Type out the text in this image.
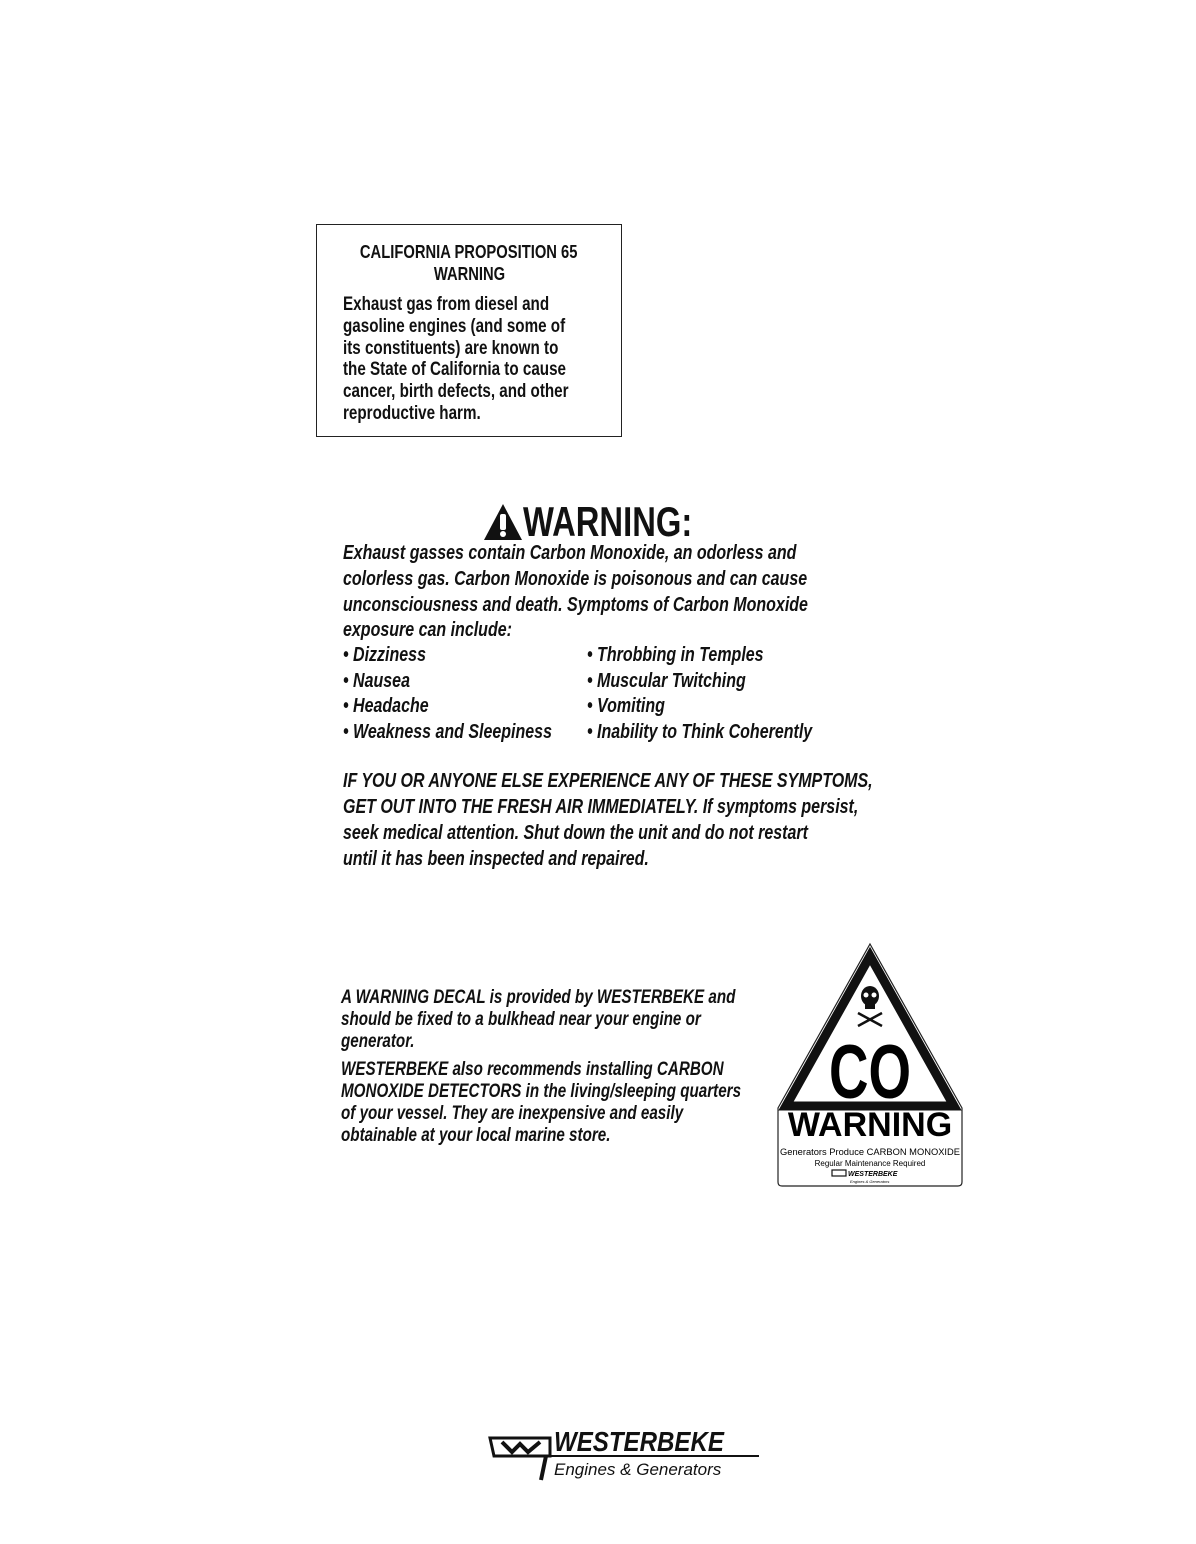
CALIFORNIA PROPOSITION 65
WARNING
Exhaust gas from diesel and
gasoline engines (and some of
its constituents) are known to
the State of California to cause
cancer, birth defects, and other
reproductive harm.
WARNING:
Exhaust gasses contain Carbon Monoxide, an odorless and
colorless gas. Carbon Monoxide is poisonous and can cause
unconsciousness and death. Symptoms of Carbon Monoxide
exposure can include:
• Dizziness
• Nausea
• Headache
• Weakness and Sleepiness
• Throbbing in Temples
• Muscular Twitching
• Vomiting
• Inability to Think Coherently
IF YOU OR ANYONE ELSE EXPERIENCE ANY OF THESE SYMPTOMS,
GET OUT INTO THE FRESH AIR IMMEDIATELY. If symptoms persist,
seek medical attention. Shut down the unit and do not restart
until it has been inspected and repaired.
A WARNING DECAL is provided by WESTERBEKE and
should be fixed to a bulkhead near your engine or
generator.
WESTERBEKE also recommends installing CARBON
MONOXIDE DETECTORS in the living/sleeping quarters
of your vessel. They are inexpensive and easily
obtainable at your local marine store.
CO
WARNING
Generators Produce CARBON MONOXIDE
Regular Maintenance Required
WESTERBEKE
Engines & Generators
WESTERBEKE
Engines & Generators
